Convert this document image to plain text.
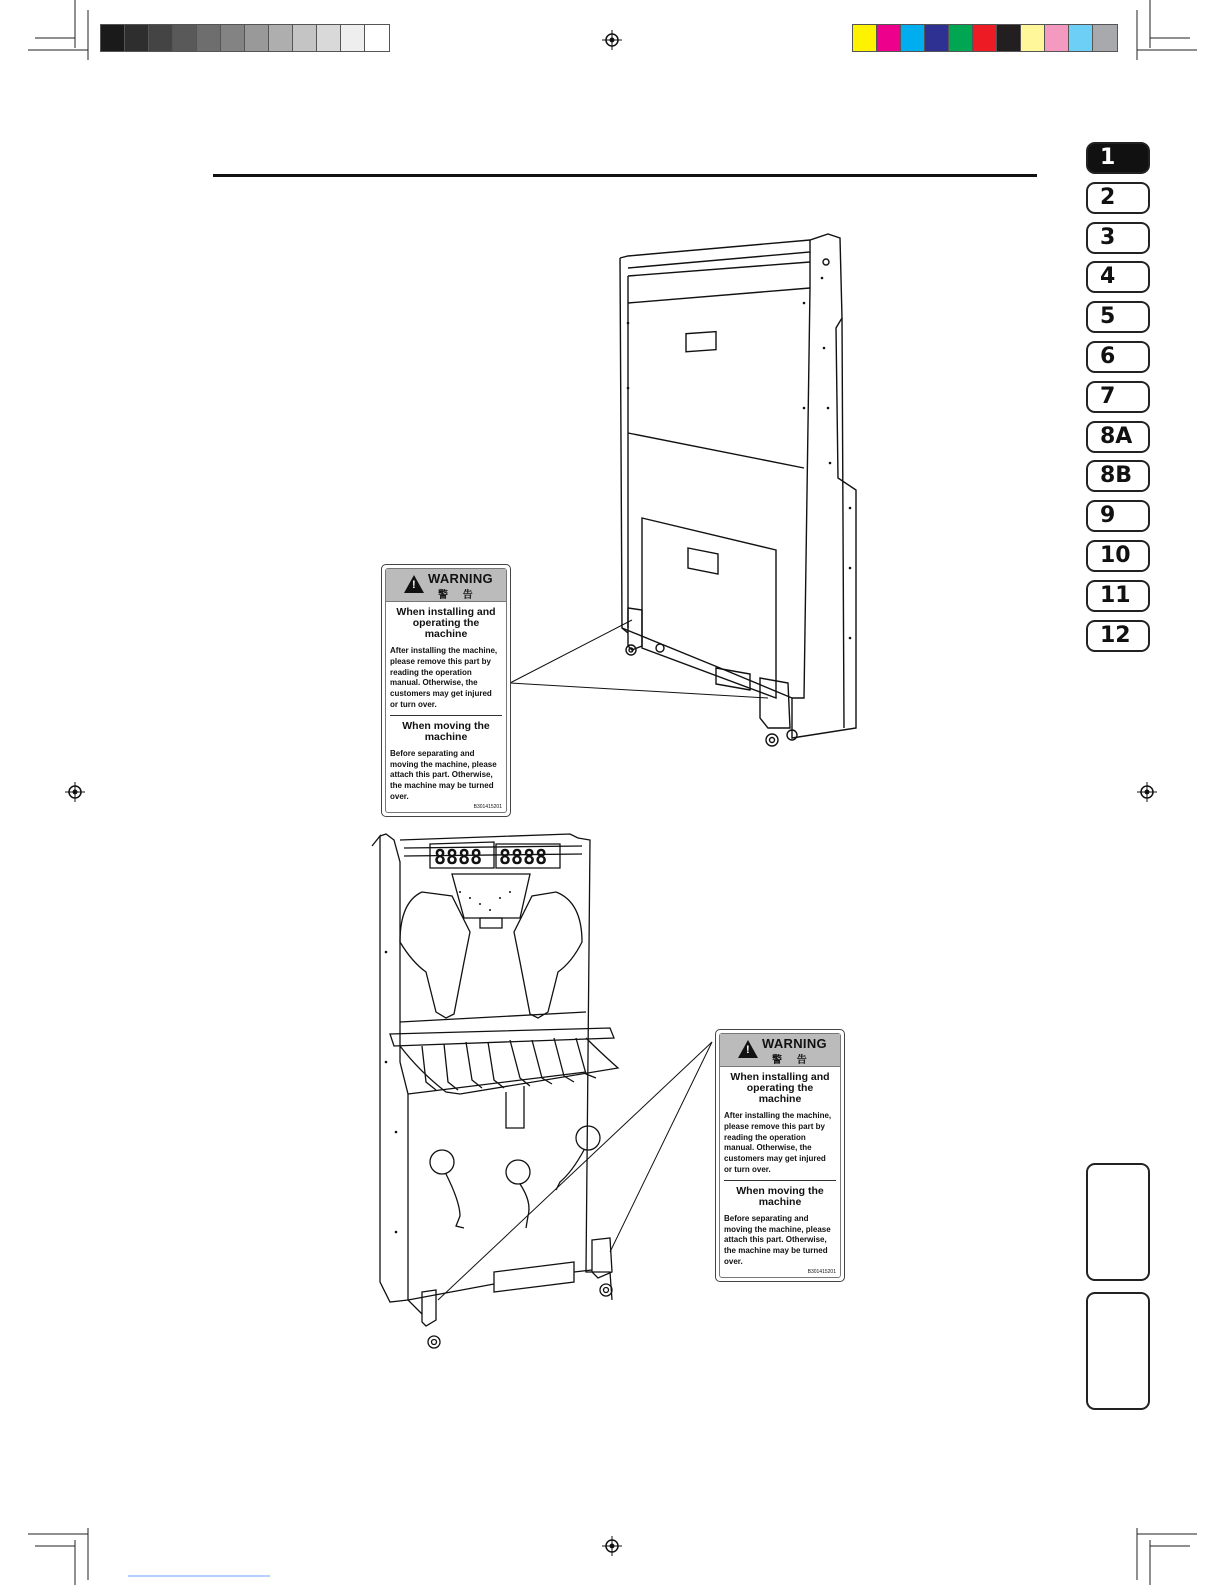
1
2
3
4
5
6
7
8A
8B
9
10
11
12
!
WARNING
警 告
When installing and operating the machine
After installing the machine, please remove this part by reading the operation manual. Otherwise, the customers may get injured or turn over.
When moving the machine
Before separating and moving the machine, please attach this part. Otherwise, the machine may be turned over.
B301415201
8888 8888
!
WARNING
警 告
When installing and operating the machine
After installing the machine, please remove this part by reading the operation manual. Otherwise, the customers may get injured or turn over.
When moving the machine
Before separating and moving the machine, please attach this part. Otherwise, the machine may be turned over.
B301415201
